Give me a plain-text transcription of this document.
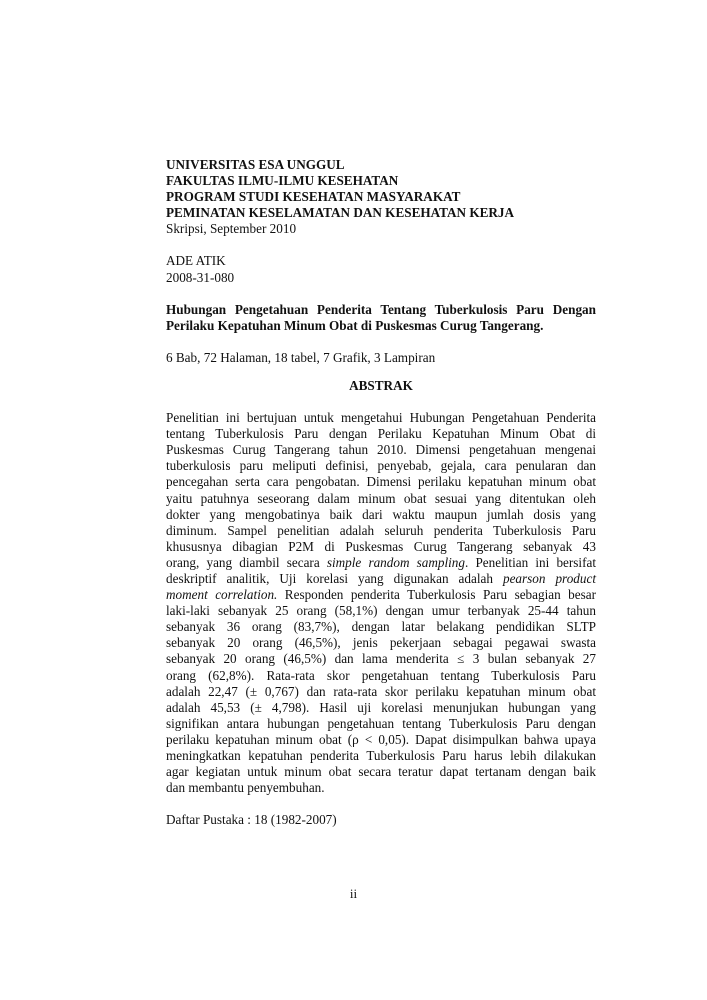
UNIVERSITAS ESA UNGGUL
FAKULTAS ILMU-ILMU KESEHATAN
PROGRAM STUDI KESEHATAN MASYARAKAT
PEMINATAN KESELAMATAN DAN KESEHATAN KERJA
Skripsi, September 2010
ADE ATIK
2008-31-080
Hubungan Pengetahuan Penderita Tentang Tuberkulosis Paru Dengan
Perilaku Kepatuhan Minum Obat di Puskesmas Curug Tangerang.
6 Bab, 72 Halaman, 18 tabel, 7 Grafik, 3 Lampiran
ABSTRAK
Penelitian ini bertujuan untuk mengetahui Hubungan Pengetahuan Penderita
tentang Tuberkulosis Paru dengan Perilaku Kepatuhan Minum Obat di
Puskesmas Curug Tangerang tahun 2010. Dimensi pengetahuan mengenai
tuberkulosis paru meliputi definisi, penyebab, gejala, cara penularan dan
pencegahan serta cara pengobatan. Dimensi perilaku kepatuhan minum obat
yaitu patuhnya seseorang dalam minum obat sesuai yang ditentukan oleh
dokter yang mengobatinya baik dari waktu maupun jumlah dosis yang
diminum. Sampel penelitian adalah seluruh penderita Tuberkulosis Paru
khususnya dibagian P2M di Puskesmas Curug Tangerang sebanyak 43
orang, yang diambil secara simple random sampling. Penelitian ini bersifat
deskriptif analitik, Uji korelasi yang digunakan adalah pearson product
moment correlation. Responden penderita Tuberkulosis Paru sebagian besar
laki-laki sebanyak 25 orang (58,1%) dengan umur terbanyak 25-44 tahun
sebanyak 36 orang (83,7%), dengan latar belakang pendidikan SLTP
sebanyak 20 orang (46,5%), jenis pekerjaan sebagai pegawai swasta
sebanyak 20 orang (46,5%) dan lama menderita ≤ 3 bulan sebanyak 27
orang (62,8%). Rata-rata skor pengetahuan tentang Tuberkulosis Paru
adalah 22,47 (± 0,767) dan rata-rata skor perilaku kepatuhan minum obat
adalah 45,53 (± 4,798). Hasil uji korelasi menunjukan hubungan yang
signifikan antara hubungan pengetahuan tentang Tuberkulosis Paru dengan
perilaku kepatuhan minum obat (ρ < 0,05). Dapat disimpulkan bahwa upaya
meningkatkan kepatuhan penderita Tuberkulosis Paru harus lebih dilakukan
agar kegiatan untuk minum obat secara teratur dapat tertanam dengan baik
dan membantu penyembuhan.
Daftar Pustaka : 18 (1982-2007)
ii
